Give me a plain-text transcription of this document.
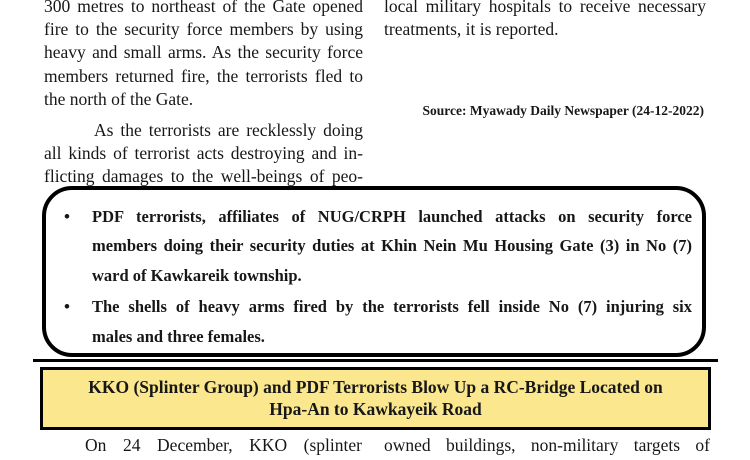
300 metres to northeast of the Gate opened
fire to the security force members by using
heavy and small arms. As the security force
members returned fire, the terrorists fled to
the north of the Gate.
As the terrorists are recklessly doing
all kinds of terrorist acts destroying and in-
flicting damages to the well-beings of peo-
local military hospitals to receive necessary
treatments, it is reported.
Source: Myawady Daily Newspaper (24-12-2022)
•	PDF terrorists, affiliates of NUG/CRPH launched attacks on security force
members doing their security duties at Khin Nein Mu Housing Gate (3) in No (7)
ward of Kawkareik township.
•	The shells of heavy arms fired by the terrorists fell inside No (7) injuring six
males and three females.
KKO (Splinter Group) and PDF Terrorists Blow Up a RC-Bridge Located on
Hpa-An to Kawkayeik Road
On 24 December, KKO (splinter owned buildings, non-military targets of
